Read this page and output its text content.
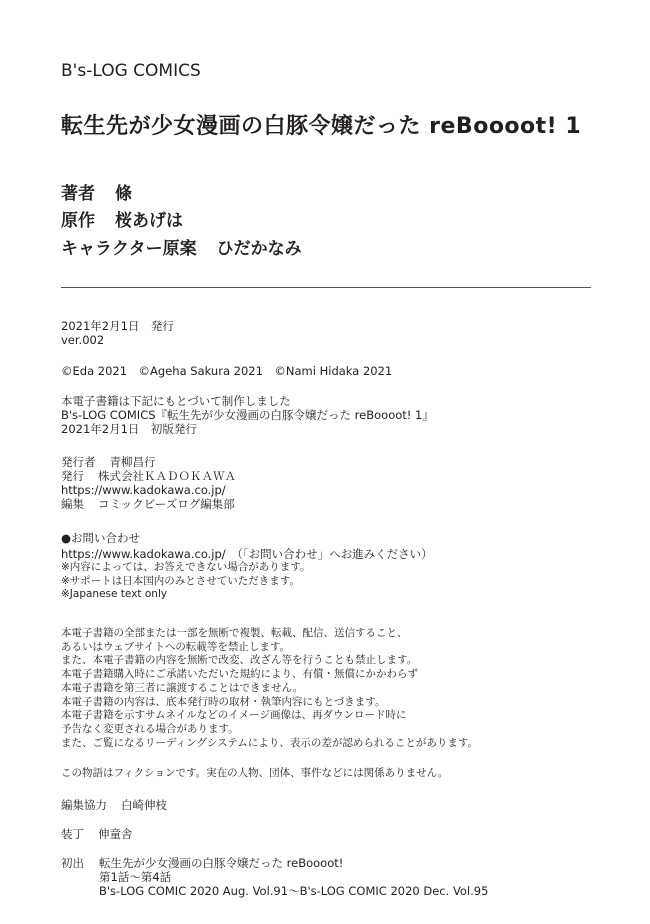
B's-LOG COMICS
転生先が少女漫画の白豚令嬢だった reBoooot! 1
著者 條
原作 桜あげは
キャラクター原案 ひだかなみ
2021年2月1日　発行
ver.002
©Eda 2021　©Ageha Sakura 2021　©Nami Hidaka 2021
本電子書籍は下記にもとづいて制作しました
B's-LOG COMICS『転生先が少女漫画の白豚令嬢だった reBoooot! 1』
2021年2月1日　初版発行
発行者 青柳昌行
発行 株式会社ＫＡＤＯＫＡＷＡ
https://www.kadokawa.co.jp/
編集 コミックビーズログ編集部
●お問い合わせ
https://www.kadokawa.co.jp/　（「お問い合わせ」へお進みください）
※内容によっては、お答えできない場合があります。
※サポートは日本国内のみとさせていただきます。
※Japanese text only
本電子書籍の全部または一部を無断で複製、転載、配信、送信すること、
あるいはウェブサイトへの転載等を禁止します。
また、本電子書籍の内容を無断で改変、改ざん等を行うことも禁止します。
本電子書籍購入時にご承諾いただいた規約により、有償・無償にかかわらず
本電子書籍を第三者に譲渡することはできません。
本電子書籍の内容は、底本発行時の取材・執筆内容にもとづきます。
本電子書籍を示すサムネイルなどのイメージ画像は、再ダウンロード時に
予告なく変更される場合があります。
また、ご覧になるリーディングシステムにより、表示の差が認められることがあります。
この物語はフィクションです。実在の人物、団体、事件などには関係ありません。
編集協力 白崎伸枝
装丁 伸童舎
初出 転生先が少女漫画の白豚令嬢だった reBoooot!
第1話～第4話
B's-LOG COMIC 2020 Aug. Vol.91～B's-LOG COMIC 2020 Dec. Vol.95
